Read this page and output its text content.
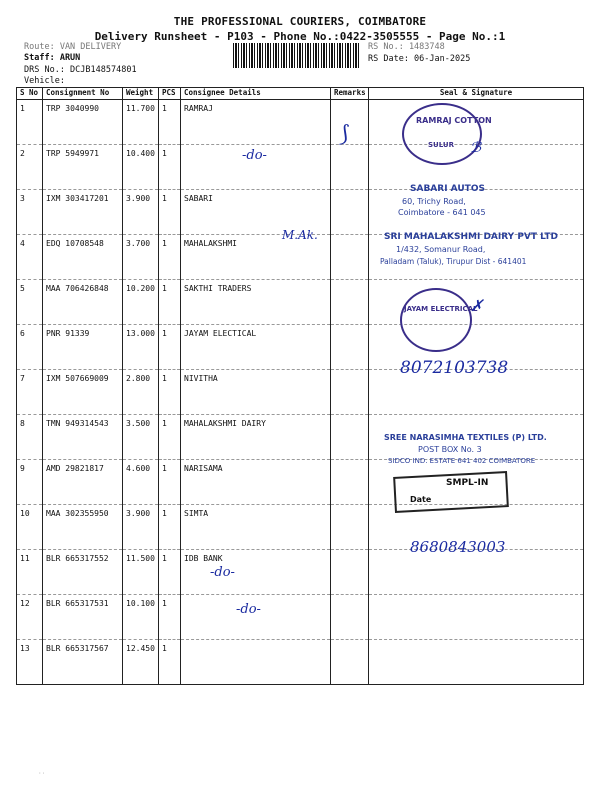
THE PROFESSIONAL COURIERS, COIMBATORE
Delivery Runsheet - P103 - Phone No.:0422-3505555 - Page No.:1
Route: VAN DELIVERY
Staff: ARUN
DRS No.: DCJB148574801
Vehicle:
RS No.: 1483748
RS Date: 06-Jan-2025
S No	Consignment No	Weight	PCS	Consignee Details	Remarks	Seal & Signature
1	TRP 3040990	11.700	1	RAMRAJ		
2	TRP 5949971	10.400	1			
3	IXM 303417201	3.900	1	SABARI		
4	EDQ 10708548	3.700	1	MAHALAKSHMI		
5	MAA 706426848	10.200	1	SAKTHI TRADERS		
6	PNR 91339	13.000	1	JAYAM ELECTICAL		
7	IXM 507669009	2.800	1	NIVITHA		
8	TMN 949314543	3.500	1	MAHALAKSHMI DAIRY		
9	AMD 29821817	4.600	1	NARISAMA		
10	MAA 302355950	3.900	1	SIMTA		
11	BLR 665317552	11.500	1	IDB BANK		
12	BLR 665317531	10.100	1			
13	BLR 665317567	12.450	1			
RAMRAJ COTTON
SULUR ℬ
-do-
⟆
SABARI AUTOS
60, Trichy Road,
Coimbatore - 641 045
M.Ak.	SRI MAHALAKSHMI DAIRY PVT LTD
1/432, Somanur Road,
Palladam (Taluk), Tirupur Dist - 641401
JAYAM ELECTRICAL
✗
8072103738
SREE NARASIMHA TEXTILES (P) LTD.
POST BOX No. 3
SIDCO IND. ESTATE 641 402 COIMBATORE
SMPL-IN
Date
8680843003
-do-
-do-
··
